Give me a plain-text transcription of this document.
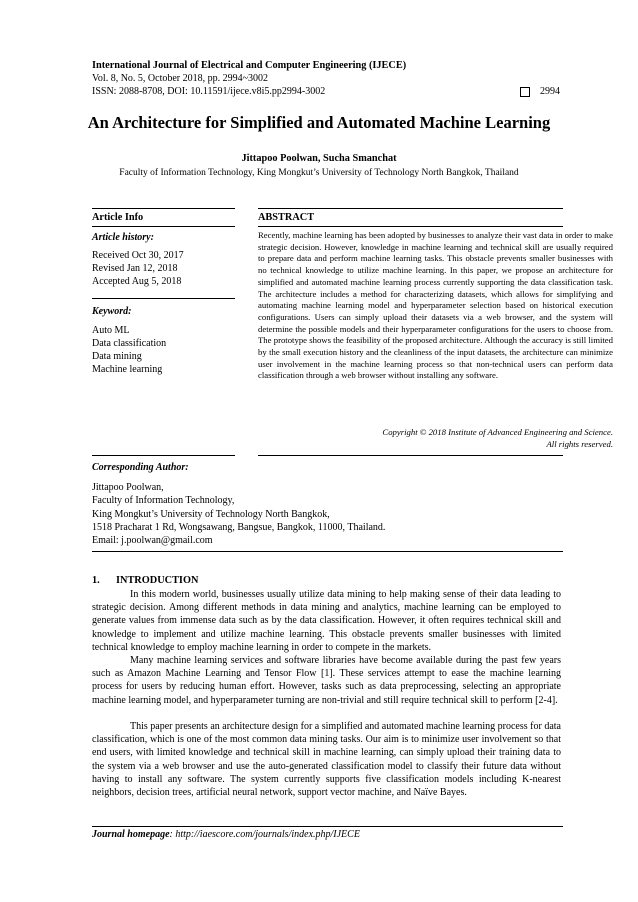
International Journal of Electrical and Computer Engineering (IJECE)
Vol. 8, No. 5, October 2018, pp. 2994~3002
ISSN: 2088-8708, DOI: 10.11591/ijece.v8i5.pp2994-3002	2994
An Architecture for Simplified and Automated Machine Learning
Jittapoo Poolwan, Sucha Smanchat
Faculty of Information Technology, King Mongkut’s University of Technology North Bangkok, Thailand
Article Info	ABSTRACT
Article history:
Received Oct 30, 2017
Revised Jan 12, 2018
Accepted Aug 5, 2018
Keyword:
Auto ML
Data classification
Data mining
Machine learning
Recently, machine learning has been adopted by businesses to analyze their vast data in order to make strategic decision. However, knowledge in machine learning and technical skill are usually required to prepare data and perform machine learning tasks. This obstacle prevents smaller businesses with no technical knowledge to utilize machine learning. In this paper, we propose an architecture for simplified and automated machine learning process currently supporting the data classification task. The architecture includes a method for characterizing datasets, which allows for simplifying and automating machine learning model and hyperparameter selection based on historical execution configurations. Users can simply upload their datasets via a web browser, and the system will determine the possible models and their hyperparameter configurations for the users to choose from. The prototype shows the feasibility of the proposed architecture. Although the accuracy is still limited by the small execution history and the cleanliness of the input datasets, the architecture can minimize user involvement in the machine learning process so that non-technical users can perform data classification through a web browser without installing any software.
Copyright © 2018 Institute of Advanced Engineering and Science.
All rights reserved.
Corresponding Author:
Jittapoo Poolwan,
Faculty of Information Technology,
King Mongkut’s University of Technology North Bangkok,
1518 Pracharat 1 Rd, Wongsawang, Bangsue, Bangkok, 11000, Thailand.
Email: j.poolwan@gmail.com
1. INTRODUCTION
In this modern world, businesses usually utilize data mining to help making sense of their data leading to strategic decision. Among different methods in data mining and analytics, machine learning can be employed to generate values from immense data such as by the data classification. However, it often requires technical skill and knowledge to implement and utilize machine learning. This obstacle prevents smaller businesses with limited technical knowledge to employ machine learning in order to compete in the markets.
Many machine learning services and software libraries have become available during the past few years such as Amazon Machine Learning and Tensor Flow [1]. These services attempt to ease the machine learning process for users by reducing human effort. However, tasks such as data preprocessing, selecting an appropriate machine learning model, and hyperparameter turning are non-trivial and still require technical skill to perform [2-4].
This paper presents an architecture design for a simplified and automated machine learning process for data classification, which is one of the most common data mining tasks. Our aim is to minimize user involvement so that end users, with limited knowledge and technical skill in machine learning, can simply upload their training data to the system via a web browser and use the auto-generated classification model to classify their future data without having to install any software. The system currently supports five classification models including K-nearest neighbors, decision trees, artificial neural network, support vector machine, and Naïve Bayes.
Journal homepage: http://iaescore.com/journals/index.php/IJECE
